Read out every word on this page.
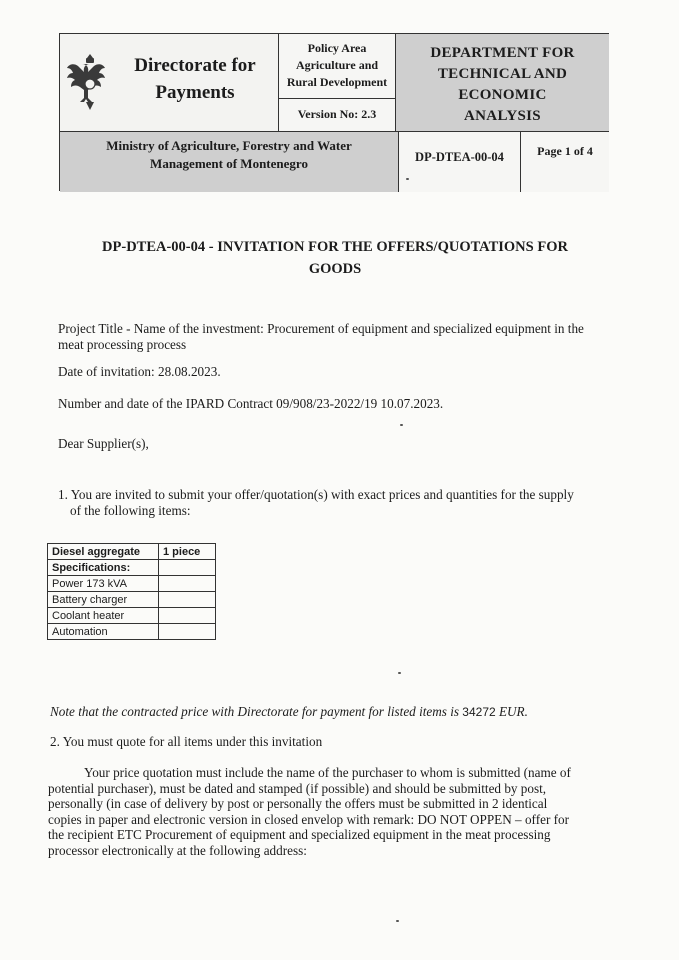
Directorate for
Payments
Policy Area
Agriculture and
Rural Development
Version No: 2.3
DEPARTMENT FOR
TECHNICAL AND
ECONOMIC
ANALYSIS
Ministry of Agriculture, Forestry and Water
Management of Montenegro	DP-DTEA-00-04	Page 1 of 4
DP-DTEA-00-04 - INVITATION FOR THE OFFERS/QUOTATIONS FOR
GOODS
Project Title - Name of the investment: Procurement of equipment and specialized equipment in the
meat processing process
Date of invitation: 28.08.2023.
Number and date of the IPARD Contract 09/908/23-2022/19 10.07.2023.
Dear Supplier(s),
1. You are invited to submit your offer/quotation(s) with exact prices and quantities for the supply
of the following items:
Diesel aggregate	1 piece
Specifications:	
Power 173 kVA	
Battery charger	
Coolant heater	
Automation	
Note that the contracted price with Directorate for payment for listed items is 34272 EUR.
2. You must quote for all items under this invitation
Your price quotation must include the name of the purchaser to whom is submitted (name of
potential purchaser), must be dated and stamped (if possible) and should be submitted by post,
personally (in case of delivery by post or personally the offers must be submitted in 2 identical
copies in paper and electronic version in closed envelop with remark: DO NOT OPPEN – offer for
the recipient ETC Procurement of equipment and specialized equipment in the meat processing
processor electronically at the following address:
